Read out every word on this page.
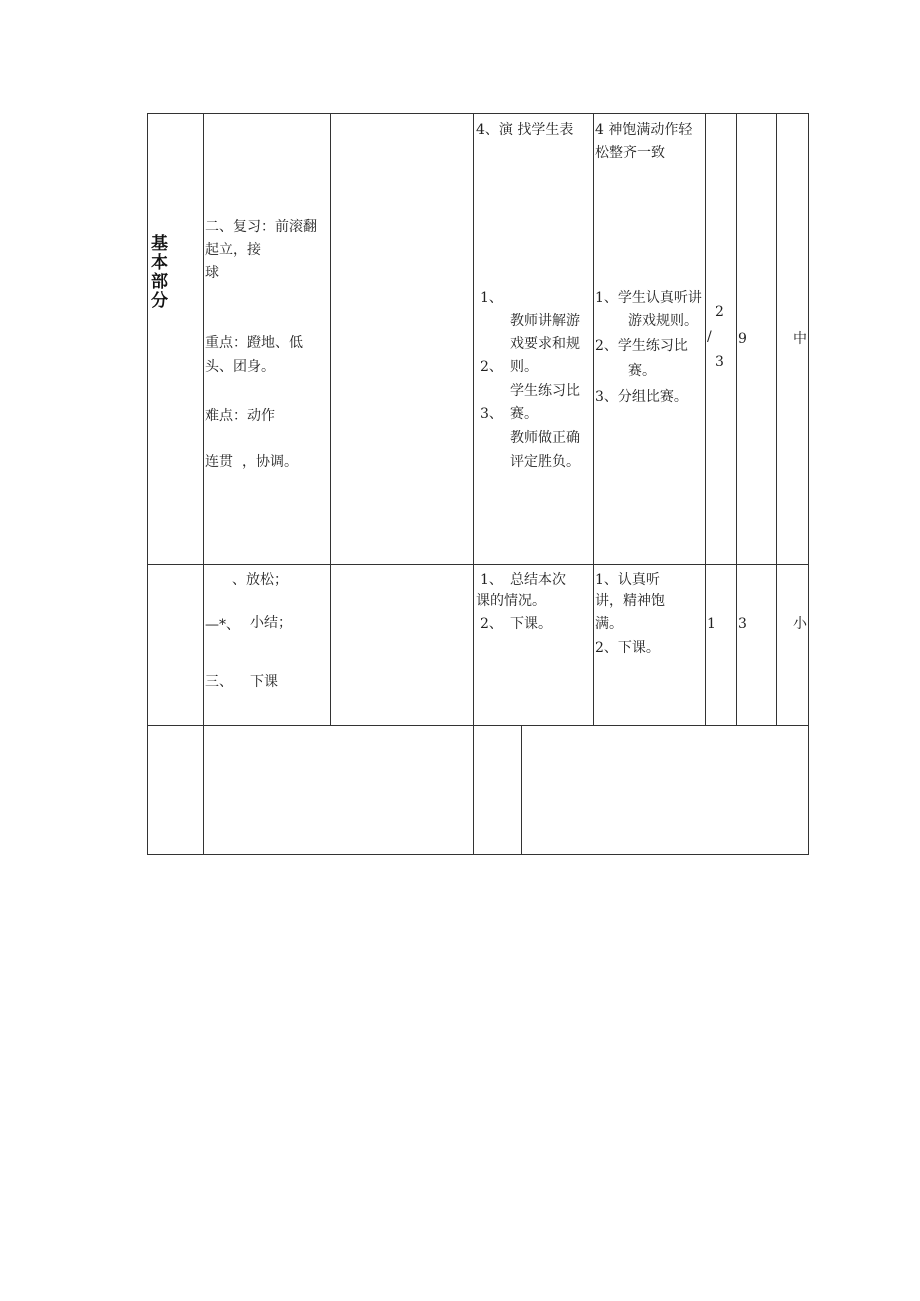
基
本
部
分
二、复习：前滚翻
起立，接
球
重点：蹬地、低
头、团身。
难点：动作
连贯 ，协调。
4、演 找学生表
1、
教师讲解游
戏要求和规
2、 则。
学生练习比
3、 赛。
教师做正确
评定胜负。
4 神饱满动作轻
松整齐一致
1、学生认真听讲
游戏规则。
2、学生练习比
赛。
3、分组比赛。
2
/
3
9	中
、放松；
—*、 小结；
三、 下课
1、 总结本次
课的情况。
2、 下课。
1、认真听
讲，精神饱
满。
2、下课。
1 3	小
